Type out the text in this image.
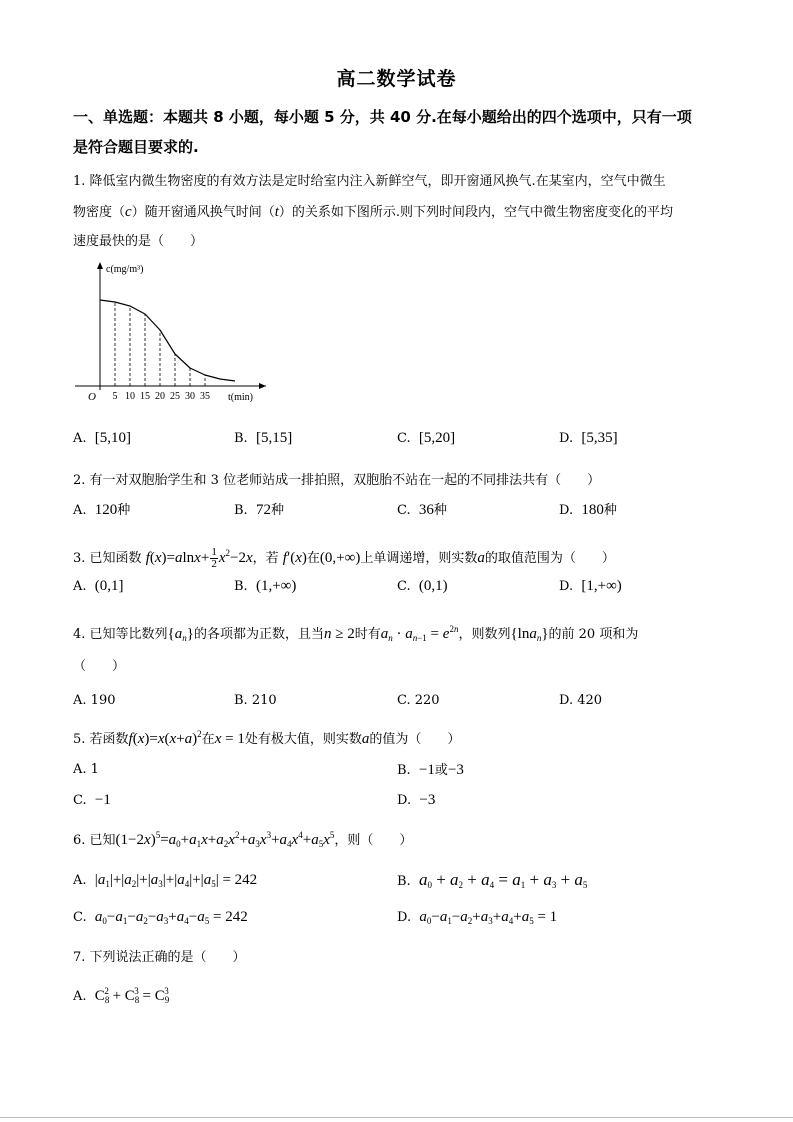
高二数学试卷
一、单选题：本题共 8 小题，每小题 5 分，共 40 分.在每小题给出的四个选项中，只有一项
是符合题目要求的.
1. 降低室内微生物密度的有效方法是定时给室内注入新鲜空气，即开窗通风换气.在某室内，空气中微生
物密度（c）随开窗通风换气时间（t）的关系如下图所示.则下列时间段内，空气中微生物密度变化的平均
速度最快的是（　　）
5 10 15 20 25 30 35
O	t(min)
c(mg/m³)
A. [5,10]	B. [5,15]	C. [5,20]	D. [5,35]
2. 有一对双胞胎学生和 3 位老师站成一排拍照，双胞胎不站在一起的不同排法共有（　　）
A. 120种	B. 72种	C. 36种	D. 180种
3. 已知函数 $f(x)=alnx+ \frac{1}{2} x^2-2x$，若 f′(x)在(0,+∞)上单调递增，则实数a的取值范围为（　　）
A. (0,1]	B. (1,+∞)	C. (0,1)	D. [1,+∞)
4. 已知等比数列$\{a_n\}$的各项都为正数，且当n ≥ 2时有$a_n \cdot a_{n-1} = e^{2n}$，则数列{lna$_n$}的前 20 项和为
（　　）
A. 190	B. 210	C. 220	D. 420
5. 若函数$f(x)=x(x+a)^2$在x = 1处有极大值，则实数a的值为（　　）
A. 1	B. −1或−3
C. −1	D. −3
6. 已知$(1-2x)^5=a_0+a_1x+a_2x^2+a_3x^3+a_4x^4+a_5x^5$，则（　　）
A. $|a_1|+|a_2|+|a_3|+|a_4|+|a_5| = 242$	B. $a_0 + a_2 + a_4 = a_1 + a_3 + a_5$
C. $a_0-a_1-a_2-a_3+a_4-a_5 = 242$	D. $a_0-a_1-a_2+a_3+a_4+a_5 = 1$
7. 下列说法正确的是（　　）
A. $C_8^2 + C_8^3 = C_9^3$
